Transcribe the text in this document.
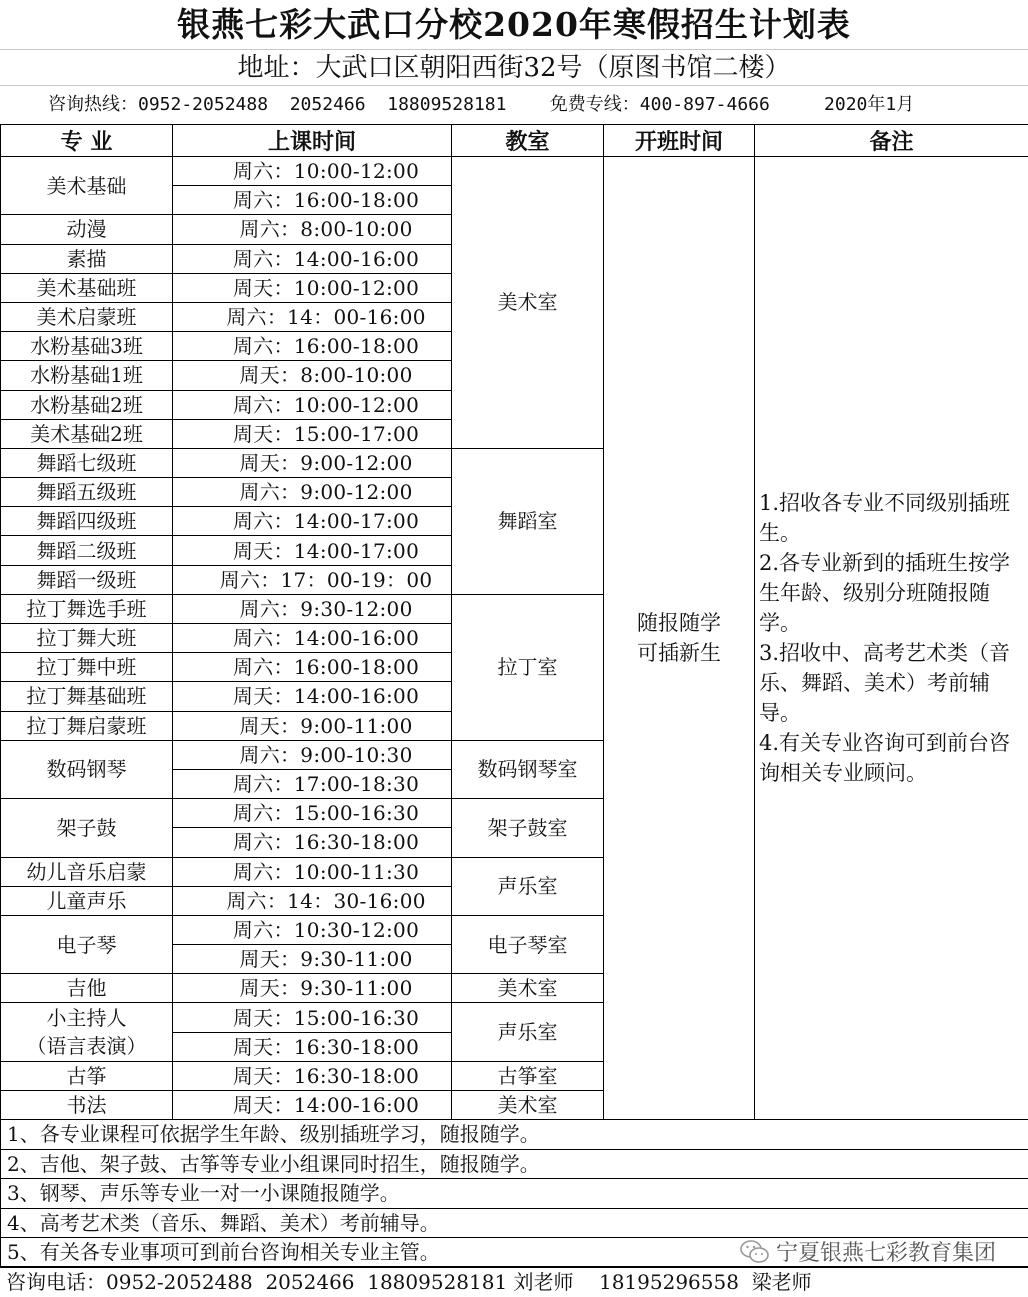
银燕七彩大武口分校2020年寒假招生计划表
地址：大武口区朝阳西街32号（原图书馆二楼）
咨询热线：0952-2052488  2052466  18809528181    免费专线：400-897-4666     2020年1月
专 业	上课时间	教室	开班时间	备注
美术基础	周六：10:00-12:00	美术室	随报随学可插新生	1.招收各专业不同级别插班生。
2.各专业新到的插班生按学生年龄、级别分班随报随学。
3.招收中、高考艺术类（音乐、舞蹈、美术）考前辅导。
4.有关专业咨询可到前台咨询相关专业顾问。

	周六：16:00-18:00			
动漫	周六：8:00-10:00			
素描	周六：14:00-16:00			
美术基础班	周天：10:00-12:00			
美术启蒙班	周六：14：00-16:00			
水粉基础3班	周六：16:00-18:00			
水粉基础1班	周天：8:00-10:00			
水粉基础2班	周六：10:00-12:00			
美术基础2班	周天：15:00-17:00			
舞蹈七级班	周天：9:00-12:00	舞蹈室		
舞蹈五级班	周六：9:00-12:00			
舞蹈四级班	周六：14:00-17:00			
舞蹈二级班	周天：14:00-17:00			
舞蹈一级班	周六：17：00-19：00			
拉丁舞选手班	周六：9:30-12:00	拉丁室		
拉丁舞大班	周六：14:00-16:00			
拉丁舞中班	周六：16:00-18:00			
拉丁舞基础班	周天：14:00-16:00			
拉丁舞启蒙班	周天：9:00-11:00			
数码钢琴	周六：9:00-10:30	数码钢琴室		
	周六：17:00-18:30			
架子鼓	周六：15:00-16:30	架子鼓室		
	周六：16:30-18:00			
幼儿音乐启蒙	周六：10:00-11:30	声乐室		
儿童声乐	周六：14：30-16:00			
电子琴	周六：10:30-12:00	电子琴室		
	周天：9:30-11:00			
吉他	周天：9:30-11:00	美术室		
小主持人	周天：15:00-16:30	声乐室		
（语言表演）	周天：16:30-18:00			
古筝	周天：16:30-18:00	古筝室		
书法	周天：14:00-16:00	美术室		
1、各专业课程可依据学生年龄、级别插班学习，随报随学。				
2、吉他、架子鼓、古筝等专业小组课同时招生，随报随学。				
3、钢琴、声乐等专业一对一小课随报随学。				
4、高考艺术类（音乐、舞蹈、美术）考前辅导。				
5、有关各专业事项可到前台咨询相关专业主管。					宁夏银燕七彩教育集团
咨询电话：0952-2052488  2052466  18809528181 刘老师    18195296558  梁老师
